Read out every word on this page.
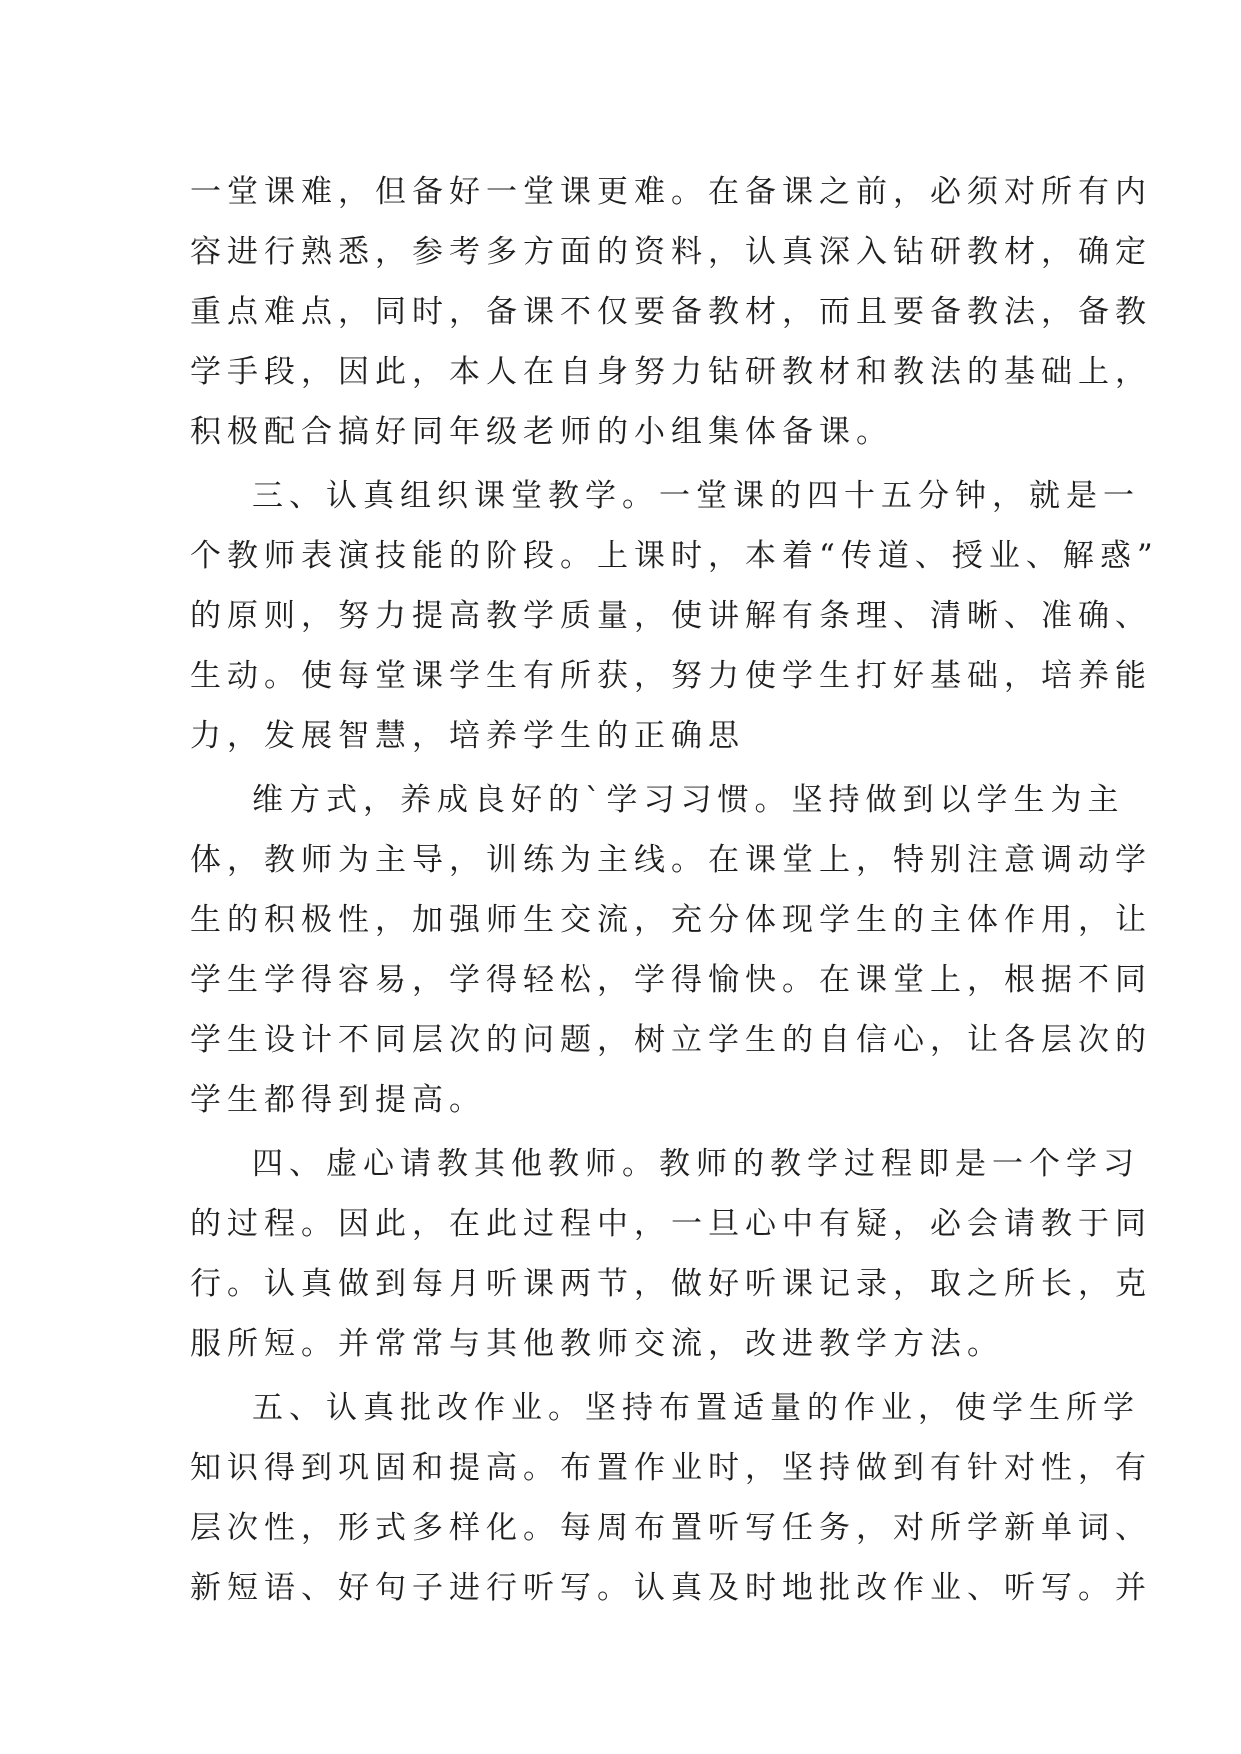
一堂课难，但备好一堂课更难。在备课之前，必须对所有内
容进行熟悉，参考多方面的资料，认真深入钻研教材，确定
重点难点，同时，备课不仅要备教材，而且要备教法，备教
学手段，因此，本人在自身努力钻研教材和教法的基础上，
积极配合搞好同年级老师的小组集体备课。
三、认真组织课堂教学。一堂课的四十五分钟，就是一
个教师表演技能的阶段。上课时，本着“传道、授业、解惑”
的原则，努力提高教学质量，使讲解有条理、清晰、准确、
生动。使每堂课学生有所获，努力使学生打好基础，培养能
力，发展智慧，培养学生的正确思
维方式，养成良好的`学习习惯。坚持做到以学生为主
体，教师为主导，训练为主线。在课堂上，特别注意调动学
生的积极性，加强师生交流，充分体现学生的主体作用，让
学生学得容易，学得轻松，学得愉快。在课堂上，根据不同
学生设计不同层次的问题，树立学生的自信心，让各层次的
学生都得到提高。
四、虚心请教其他教师。教师的教学过程即是一个学习
的过程。因此，在此过程中，一旦心中有疑，必会请教于同
行。认真做到每月听课两节，做好听课记录，取之所长，克
服所短。并常常与其他教师交流，改进教学方法。
五、认真批改作业。坚持布置适量的作业，使学生所学
知识得到巩固和提高。布置作业时，坚持做到有针对性，有
层次性，形式多样化。每周布置听写任务，对所学新单词、
新短语、好句子进行听写。认真及时地批改作业、听写。并
